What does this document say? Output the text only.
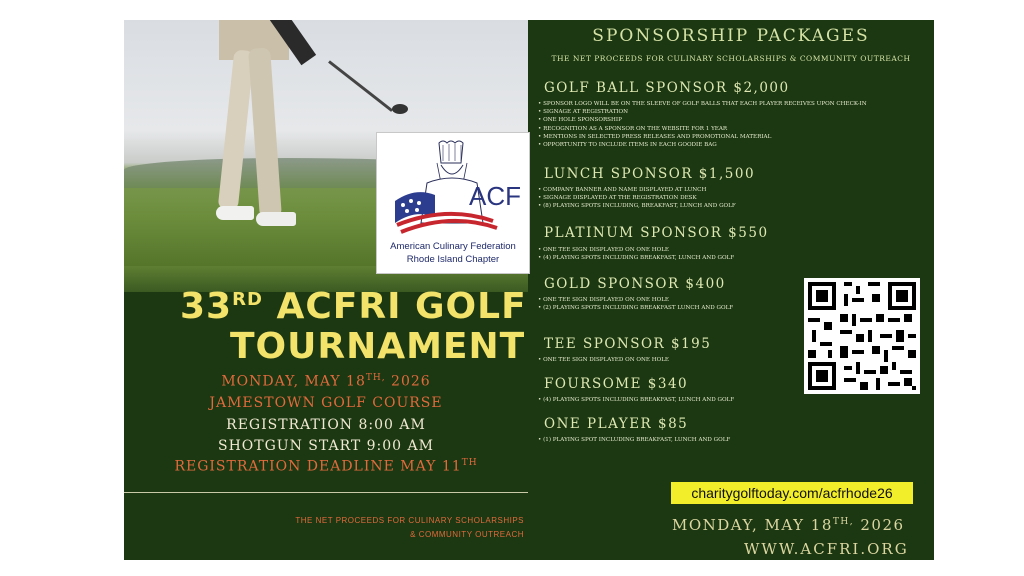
ACF
American Culinary Federation
Rhode Island Chapter
33RD ACFRI GOLF
TOURNAMENT
MONDAY, MAY $18^{TH,}$ 2026
JAMESTOWN GOLF COURSE
REGISTRATION 8:00 AM
SHOTGUN START 9:00 AM
REGISTRATION DEADLINE MAY 11TH
THE NET PROCEEDS FOR CULINARY SCHOLARSHIPS
& COMMUNITY OUTREACH
SPONSORSHIP PACKAGES
THE NET PROCEEDS FOR CULINARY SCHOLARSHIPS & COMMUNITY OUTREACH
GOLF BALL SPONSOR $2,000
• SPONSOR LOGO WILL BE ON THE SLEEVE OF GOLF BALLS THAT EACH PLAYER RECEIVES UPON CHECK-IN
• SIGNAGE AT REGISTRATION
• ONE HOLE SPONSORSHIP
• RECOGNITION AS A SPONSOR ON THE WEBSITE FOR 1 YEAR
• MENTIONS IN SELECTED PRESS RELEASES AND PROMOTIONAL MATERIAL
• OPPORTUNITY TO INCLUDE ITEMS IN EACH GOODIE BAG
LUNCH SPONSOR $1,500
• COMPANY BANNER AND NAME DISPLAYED AT LUNCH
• SIGNAGE DISPLAYED AT THE REGISTRATION DESK
• (8) PLAYING SPOTS INCLUDING, BREAKFAST, LUNCH AND GOLF
PLATINUM SPONSOR $550
• ONE TEE SIGN DISPLAYED ON ONE HOLE
• (4) PLAYING SPOTS INCLUDING BREAKFAST, LUNCH AND GOLF
GOLD SPONSOR $400
• ONE TEE SIGN DISPLAYED ON ONE HOLE
• (2) PLAYING SPOTS INCLUDING BREAKFAST LUNCH AND GOLF
TEE SPONSOR $195
• ONE TEE SIGN DISPLAYED ON ONE HOLE
FOURSOME $340
• (4) PLAYING SPOTS INCLUDING BREAKFAST, LUNCH AND GOLF
ONE PLAYER $85
• (1) PLAYING SPOT INCLUDING BREAKFAST, LUNCH AND GOLF
charitygolftoday.com/acfrhode26
MONDAY, MAY $18^{TH,}$ 2026
WWW.ACFRI.ORG
